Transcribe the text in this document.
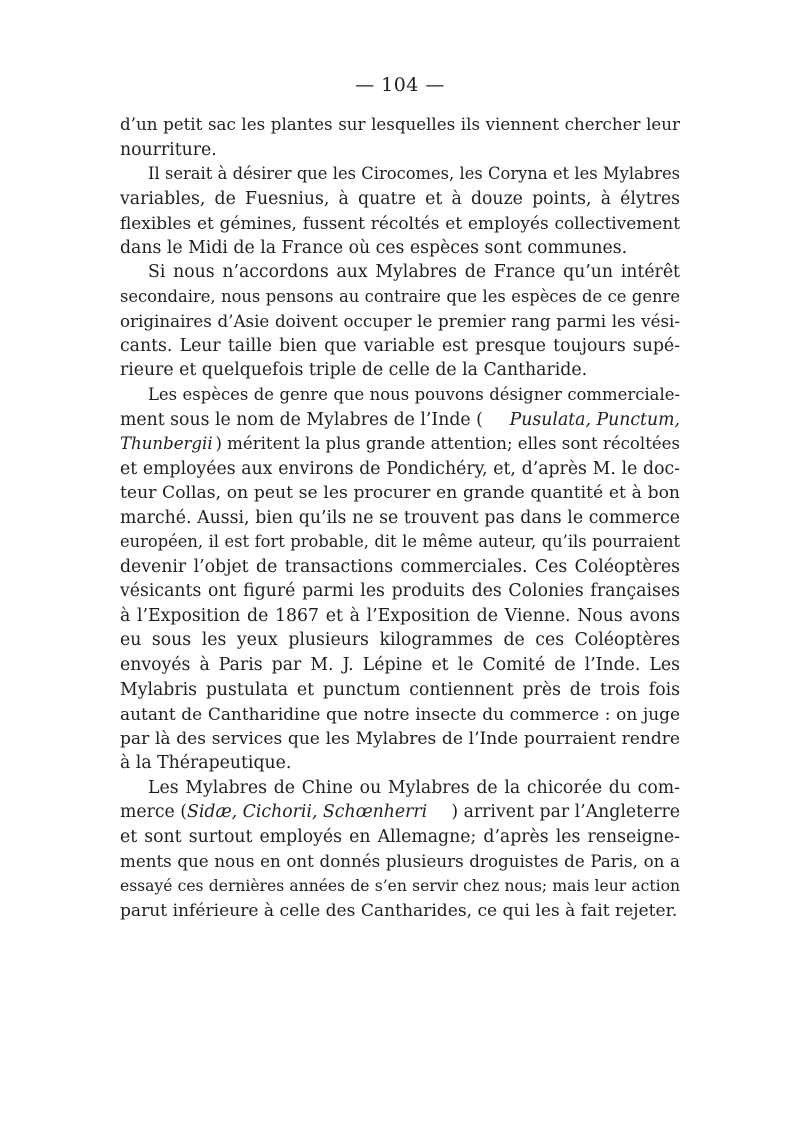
— 104 —
d’un petit sac les plantes sur lesquelles ils viennent chercher leur
nourriture.
Il serait à désirer que les Cirocomes, les Coryna et les Mylabres
variables, de Fuesnius, à quatre et à douze points, à élytres
flexibles et gémines, fussent récoltés et employés collectivement
dans le Midi de la France où ces espèces sont communes.
Si nous n’accordons aux Mylabres de France qu’un intérêt
secondaire, nous pensons au contraire que les espèces de ce genre
originaires d’Asie doivent occuper le premier rang parmi les vési-
cants. Leur taille bien que variable est presque toujours supé-
rieure et quelquefois triple de celle de la Cantharide.
Les espèces de genre que nous pouvons désigner commerciale-
ment sous le nom de Mylabres de l’Inde ( Pusulata, Punctum,
Thunbergii ) méritent la plus grande attention; elles sont récoltées
et employées aux environs de Pondichéry, et, d’après M. le doc-
teur Collas, on peut se les procurer en grande quantité et à bon
marché. Aussi, bien qu’ils ne se trouvent pas dans le commerce
européen, il est fort probable, dit le même auteur, qu’ils pourraient
devenir l’objet de transactions commerciales. Ces Coléoptères
vésicants ont figuré parmi les produits des Colonies françaises
à l’Exposition de 1867 et à l’Exposition de Vienne. Nous avons
eu sous les yeux plusieurs kilogrammes de ces Coléoptères
envoyés à Paris par M. J. Lépine et le Comité de l’Inde. Les
Mylabris pustulata et punctum contiennent près de trois fois
autant de Cantharidine que notre insecte du commerce : on juge
par là des services que les Mylabres de l’Inde pourraient rendre
à la Thérapeutique.
Les Mylabres de Chine ou Mylabres de la chicorée du com-
merce (Sidæ, Cichorii, Schœnherri ) arrivent par l’Angleterre
et sont surtout employés en Allemagne; d’après les renseigne-
ments que nous en ont donnés plusieurs droguistes de Paris, on a
essayé ces dernières années de s’en servir chez nous; mais leur action
parut inférieure à celle des Cantharides, ce qui les à fait rejeter.
